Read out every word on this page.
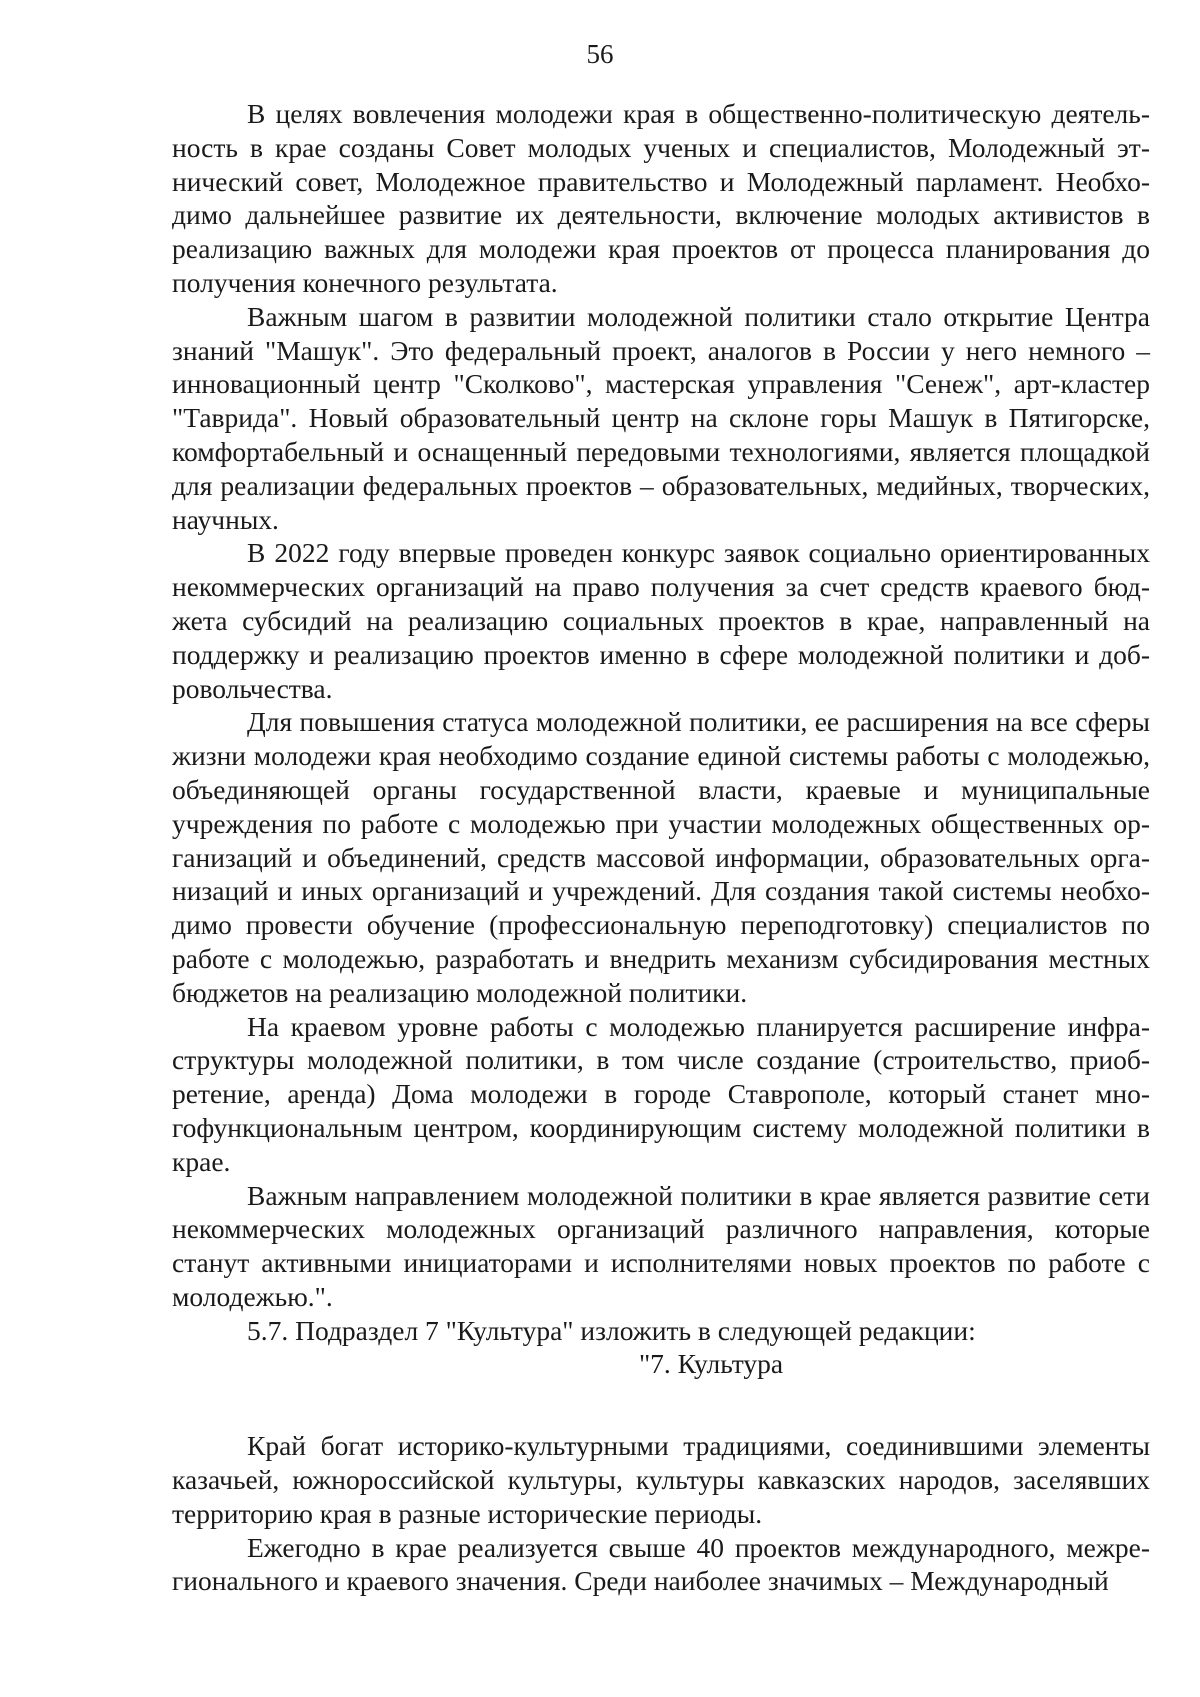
56

В целях вовлечения молодежи края в общественно-политическую деятельность в крае созданы Совет молодых ученых и специалистов, Молодежный этнический совет, Молодежное правительство и Молодежный парламент. Необходимо дальнейшее развитие их деятельности, включение молодых активистов в реализацию важных для молодежи края проектов от процесса планирования до получения конечного результата.

Важным шагом в развитии молодежной политики стало открытие Центра знаний "Машук". Это федеральный проект, аналогов в России у него немного – инновационный центр "Сколково", мастерская управления "Сенеж", арт-кластер "Таврида". Новый образовательный центр на склоне горы Машук в Пятигорске, комфортабельный и оснащенный передовыми технологиями, является площадкой для реализации федеральных проектов – образовательных, медийных, творческих, научных.

В 2022 году впервые проведен конкурс заявок социально ориентированных некоммерческих организаций на право получения за счет средств краевого бюджета субсидий на реализацию социальных проектов в крае, направленный на поддержку и реализацию проектов именно в сфере молодежной политики и добровольчества.

Для повышения статуса молодежной политики, ее расширения на все сферы жизни молодежи края необходимо создание единой системы работы с молодежью, объединяющей органы государственной власти, краевые и муниципальные учреждения по работе с молодежью при участии молодежных общественных организаций и объединений, средств массовой информации, образовательных организаций и иных организаций и учреждений. Для создания такой системы необходимо провести обучение (профессиональную переподготовку) специалистов по работе с молодежью, разработать и внедрить механизм субсидирования местных бюджетов на реализацию молодежной политики.

На краевом уровне работы с молодежью планируется расширение инфраструктуры молодежной политики, в том числе создание (строительство, приобретение, аренда) Дома молодежи в городе Ставрополе, который станет многофункциональным центром, координирующим систему молодежной политики в крае.

Важным направлением молодежной политики в крае является развитие сети некоммерческих молодежных организаций различного направления, которые станут активными инициаторами и исполнителями новых проектов по работе с молодежью.".

5.7. Подраздел 7 "Культура" изложить в следующей редакции:

"7. Культура

Край богат историко-культурными традициями, соединившими элементы казачьей, южнороссийской культуры, культуры кавказских народов, заселявших территорию края в разные исторические периоды.

Ежегодно в крае реализуется свыше 40 проектов международного, межрегионального и краевого значения. Среди наиболее значимых – Международный
